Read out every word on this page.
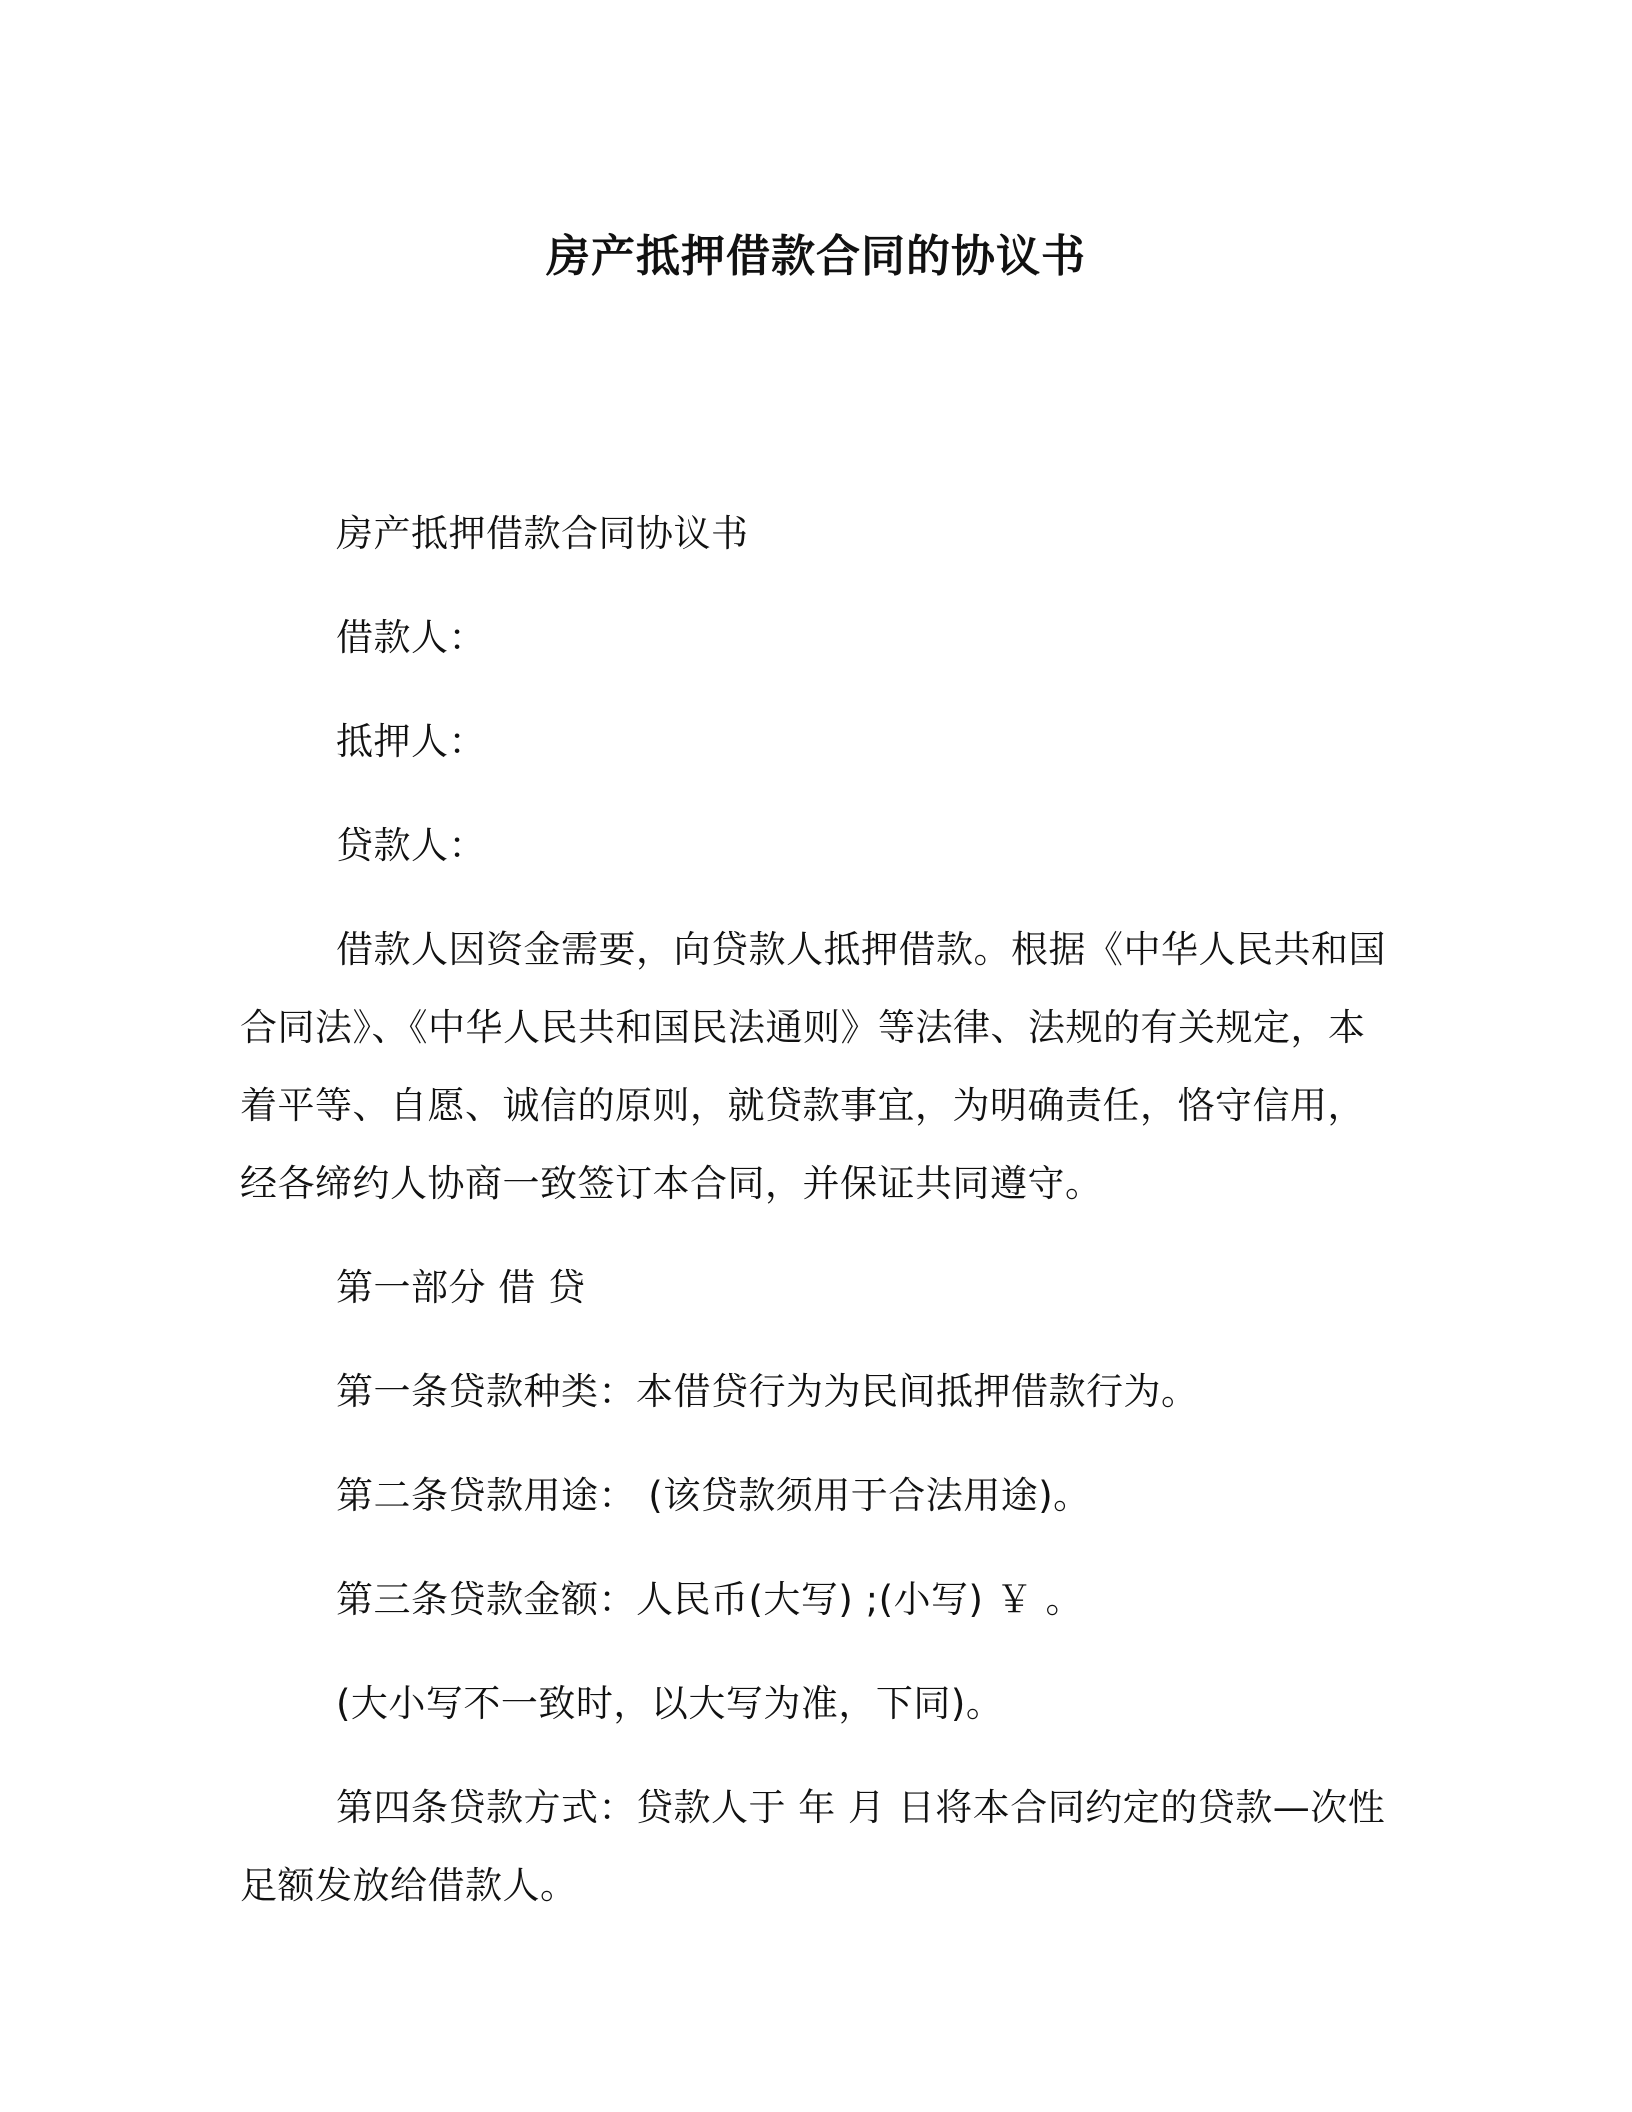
房产抵押借款合同的协议书

房产抵押借款合同协议书

借款人：

抵押人：

贷款人：

借款人因资金需要，向贷款人抵押借款。根据《中华人民共和国合同法》、《中华人民共和国民法通则》等法律、法规的有关规定，本着平等、自愿、诚信的原则，就贷款事宜，为明确责任，恪守信用，经各缔约人协商一致签订本合同，并保证共同遵守。

第一部分 借 贷

第一条贷款种类：本借贷行为为民间抵押借款行为。

第二条贷款用途： (该贷款须用于合法用途)。

第三条贷款金额：人民币(大写) ;(小写) ￥ 。

(大小写不一致时，以大写为准，下同)。

第四条贷款方式：贷款人于 年 月 日将本合同约定的贷款—次性足额发放给借款人。
